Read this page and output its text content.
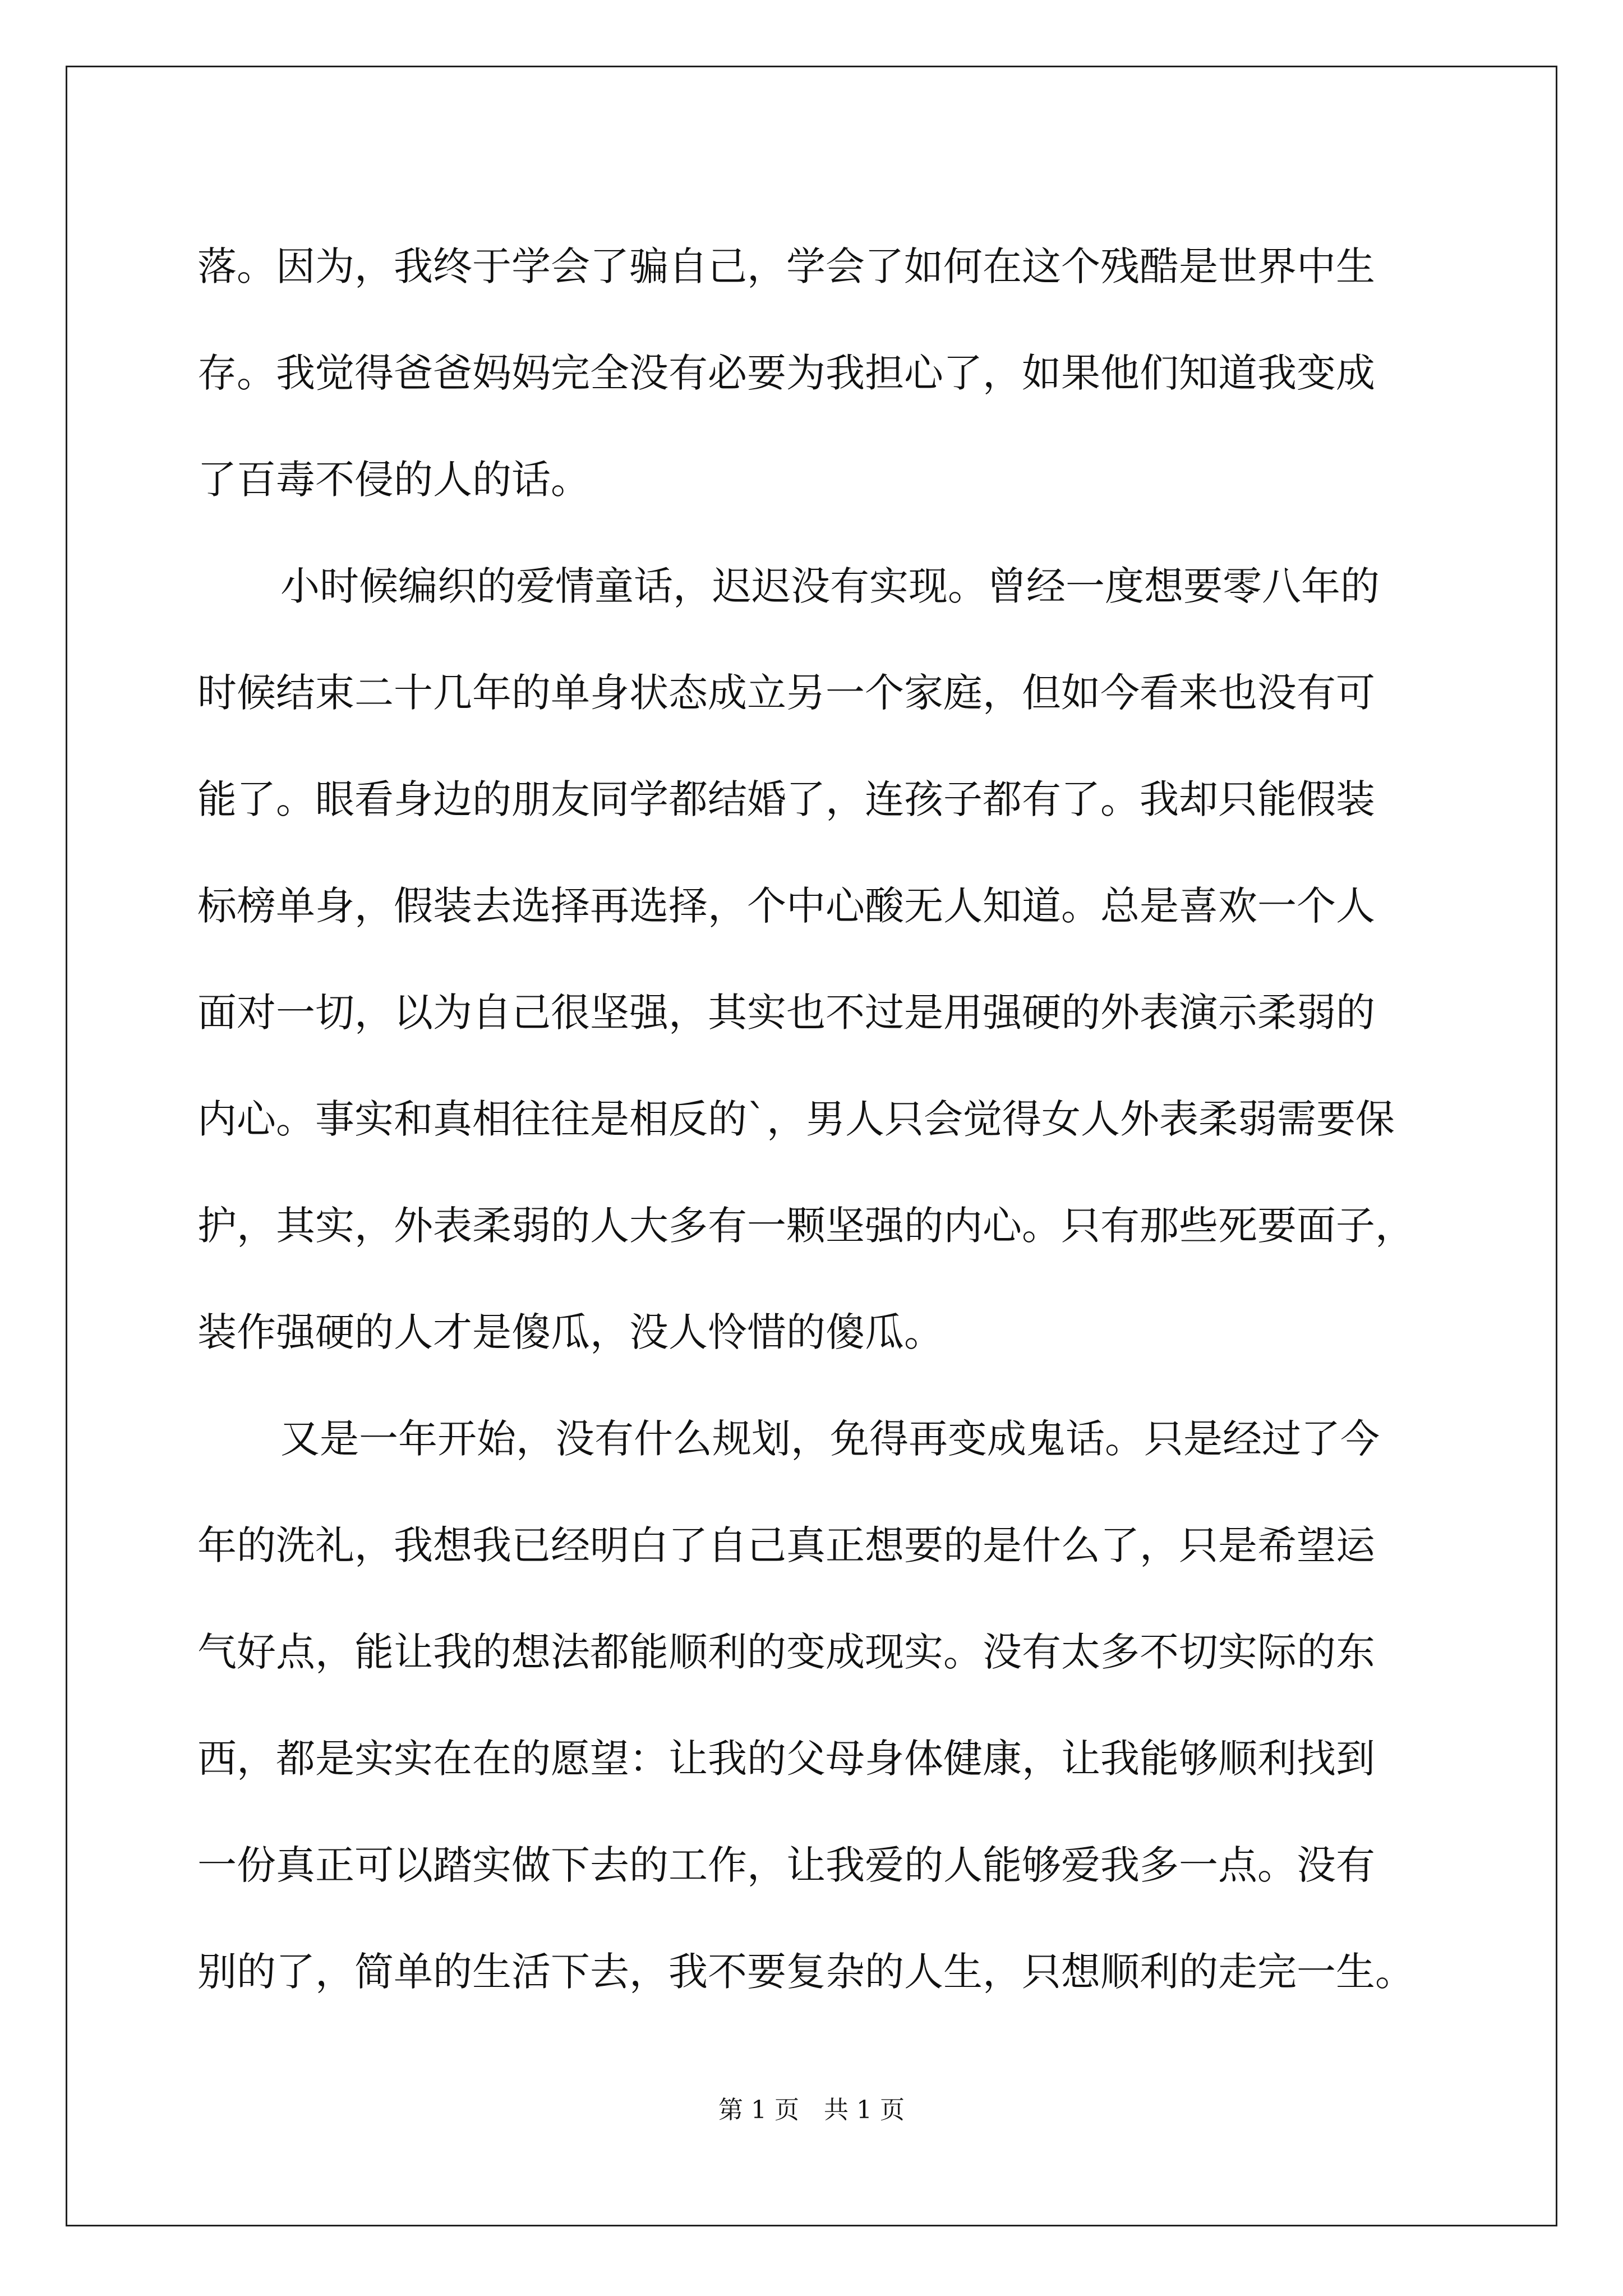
落。因为，我终于学会了骗自己，学会了如何在这个残酷是世界中生
存。我觉得爸爸妈妈完全没有必要为我担心了，如果他们知道我变成
了百毒不侵的人的话。
小时候编织的爱情童话，迟迟没有实现。曾经一度想要零八年的
时候结束二十几年的单身状态成立另一个家庭，但如今看来也没有可
能了。眼看身边的朋友同学都结婚了，连孩子都有了。我却只能假装
标榜单身，假装去选择再选择，个中心酸无人知道。总是喜欢一个人
面对一切，以为自己很坚强，其实也不过是用强硬的外表演示柔弱的
内心。事实和真相往往是相反的`，男人只会觉得女人外表柔弱需要保
护，其实，外表柔弱的人大多有一颗坚强的内心。只有那些死要面子，
装作强硬的人才是傻瓜，没人怜惜的傻瓜。
又是一年开始，没有什么规划，免得再变成鬼话。只是经过了今
年的洗礼，我想我已经明白了自己真正想要的是什么了，只是希望运
气好点，能让我的想法都能顺利的变成现实。没有太多不切实际的东
西，都是实实在在的愿望：让我的父母身体健康，让我能够顺利找到
一份真正可以踏实做下去的工作，让我爱的人能够爱我多一点。没有
别的了，简单的生活下去，我不要复杂的人生，只想顺利的走完一生。
第 1 页　共 1 页
